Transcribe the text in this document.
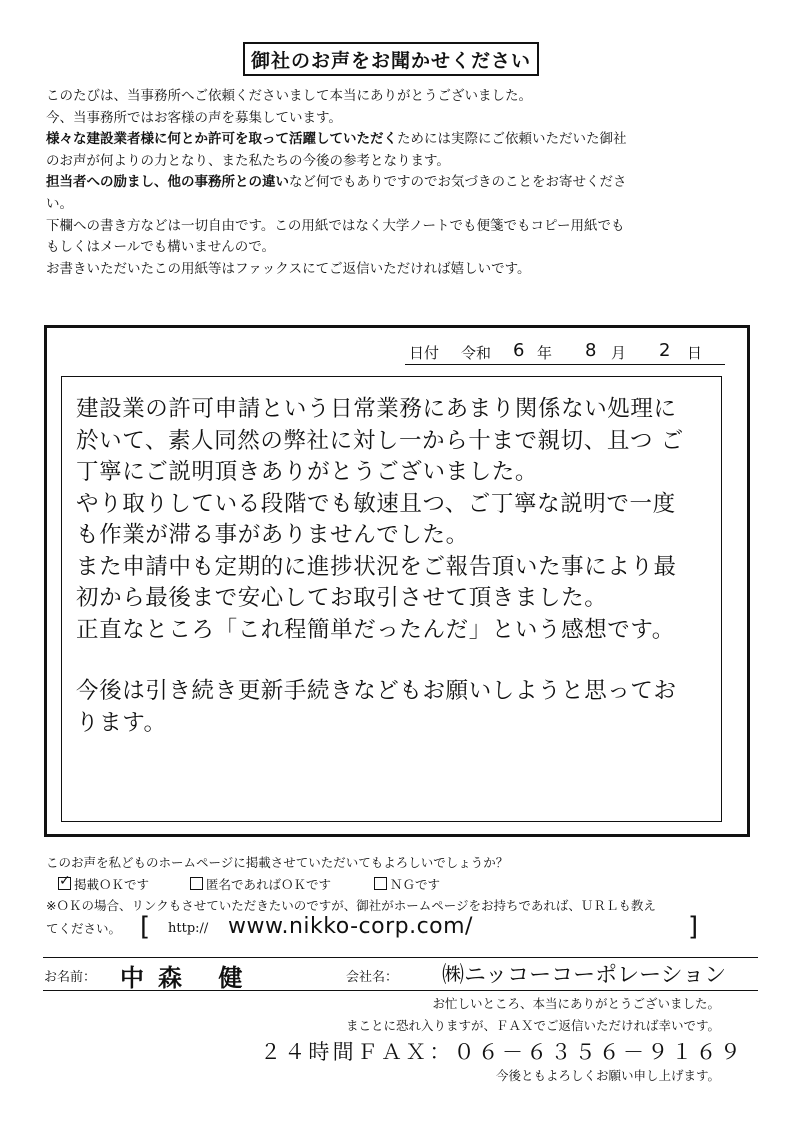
御社のお声をお聞かせください

このたびは、当事務所へご依頼くださいまして本当にありがとうございました。

今、当事務所ではお客様の声を募集しています。

様々な建設業者様に何とか許可を取って活躍していただくためには実際にご依頼いただいた御社

のお声が何よりの力となり、また私たちの今後の参考となります。

担当者への励まし、他の事務所との違いなど何でもありですのでお気づきのことをお寄せくださ

い。

下欄への書き方などは一切自由です。この用紙ではなく大学ノートでも便箋でもコピー用紙でも

もしくはメールでも構いませんので。

お書きいただいたこの用紙等はファックスにてご返信いただければ嬉しいです。

日付 令和 6 年 8 月 2 日

建設業の許可申請という日常業務にあまり関係ない処理に

於いて、素人同然の弊社に対し一から十まで親切、且つ ご

丁寧にご説明頂きありがとうございました。

やり取りしている段階でも敏速且つ、ご丁寧な説明で一度

も作業が滞る事がありませんでした。

また申請中も定期的に進捗状況をご報告頂いた事により最

初から最後まで安心してお取引させて頂きました。

正直なところ「これ程簡単だったんだ」という感想です。

今後は引き続き更新手続きなどもお願いしようと思ってお

ります。

このお声を私どものホームページに掲載させていただいてもよろしいでしょうか？
✓ 掲載ＯＫです	匿名であればＯＫです	ＮＧです
※ＯＫの場合、リンクもさせていただきたいのですが、御社がホームページをお持ちであれば、ＵＲＬも教え
てください。 [ http:// www.nikko-corp.com/	]
お名前： 中森 健	会社名： ㈱ニッコーコーポレーション
お忙しいところ、本当にありがとうございました。
まことに恐れ入りますが、ＦＡＸでご返信いただければ幸いです。
２４時間ＦＡＸ：０６－６３５６－９１６９
今後ともよろしくお願い申し上げます。
